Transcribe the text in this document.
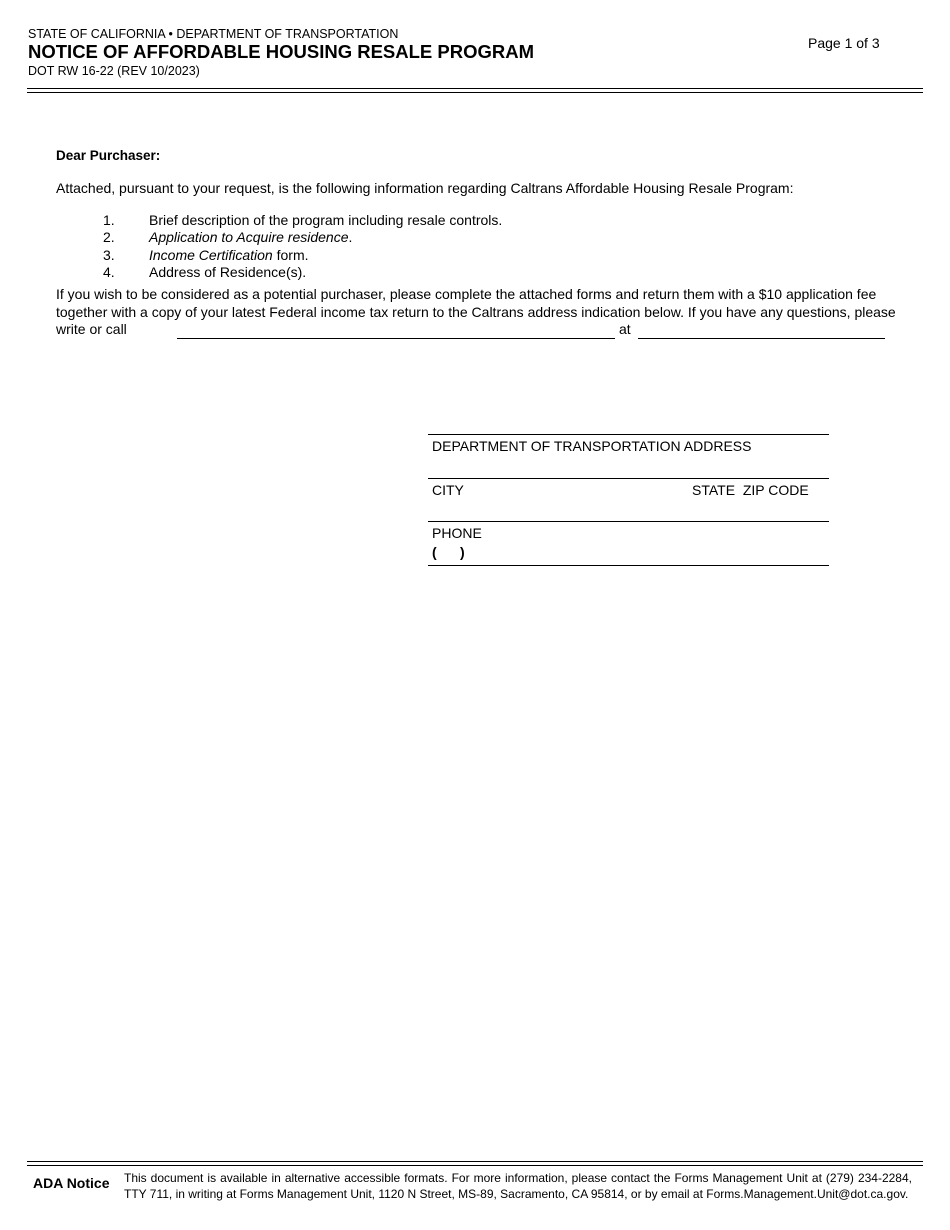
STATE OF CALIFORNIA • DEPARTMENT OF TRANSPORTATION
NOTICE OF AFFORDABLE HOUSING RESALE PROGRAM
DOT RW 16-22 (REV 10/2023)
Page 1 of 3
Dear Purchaser:
Attached, pursuant to your request, is the following information regarding Caltrans Affordable Housing Resale Program:
1. Brief description of the program including resale controls.
2. Application to Acquire residence.
3. Income Certification form.
4. Address of Residence(s).
If you wish to be considered as a potential purchaser, please complete the attached forms and return them with a $10 application fee together with a copy of your latest Federal income tax return to the Caltrans address indication below. If you have any questions, please write or call	at
DEPARTMENT OF TRANSPORTATION ADDRESS
CITY	STATE  ZIP CODE
PHONE
(      )
ADA Notice This document is available in alternative accessible formats. For more information, please contact the Forms Management Unit at (279) 234-2284, TTY 711, in writing at Forms Management Unit, 1120 N Street, MS-89, Sacramento, CA 95814, or by email at Forms.Management.Unit@dot.ca.gov.
